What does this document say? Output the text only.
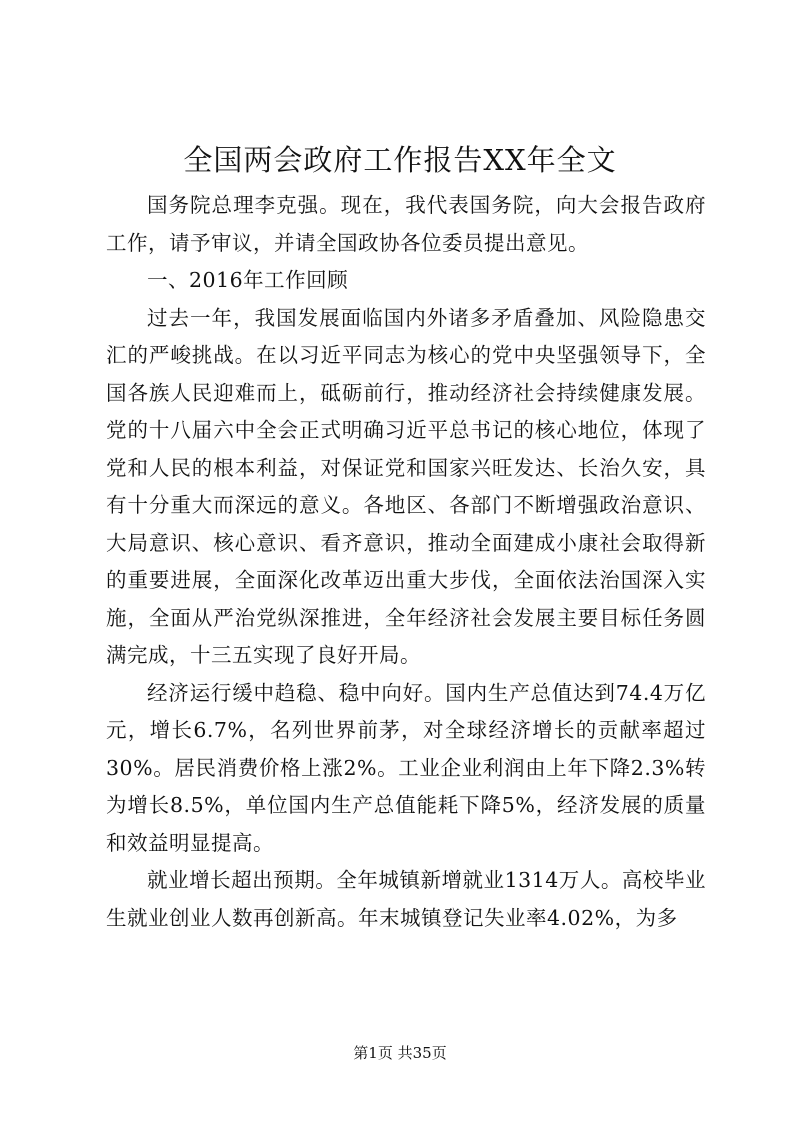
全国两会政府工作报告XX年全文

国务院总理李克强。现在，我代表国务院，向大会报告政府工作，请予审议，并请全国政协各位委员提出意见。

一、2016年工作回顾

过去一年，我国发展面临国内外诸多矛盾叠加、风险隐患交汇的严峻挑战。在以习近平同志为核心的党中央坚强领导下，全国各族人民迎难而上，砥砺前行，推动经济社会持续健康发展。党的十八届六中全会正式明确习近平总书记的核心地位，体现了党和人民的根本利益，对保证党和国家兴旺发达、长治久安，具有十分重大而深远的意义。各地区、各部门不断增强政治意识、大局意识、核心意识、看齐意识，推动全面建成小康社会取得新的重要进展，全面深化改革迈出重大步伐，全面依法治国深入实施，全面从严治党纵深推进，全年经济社会发展主要目标任务圆满完成，十三五实现了良好开局。

经济运行缓中趋稳、稳中向好。国内生产总值达到74.4万亿元，增长6.7%，名列世界前茅，对全球经济增长的贡献率超过30%。居民消费价格上涨2%。工业企业利润由上年下降2.3%转为增长8.5%，单位国内生产总值能耗下降5%，经济发展的质量和效益明显提高。

就业增长超出预期。全年城镇新增就业1314万人。高校毕业生就业创业人数再创新高。年末城镇登记失业率4.02%，为多

第1页 共35页
